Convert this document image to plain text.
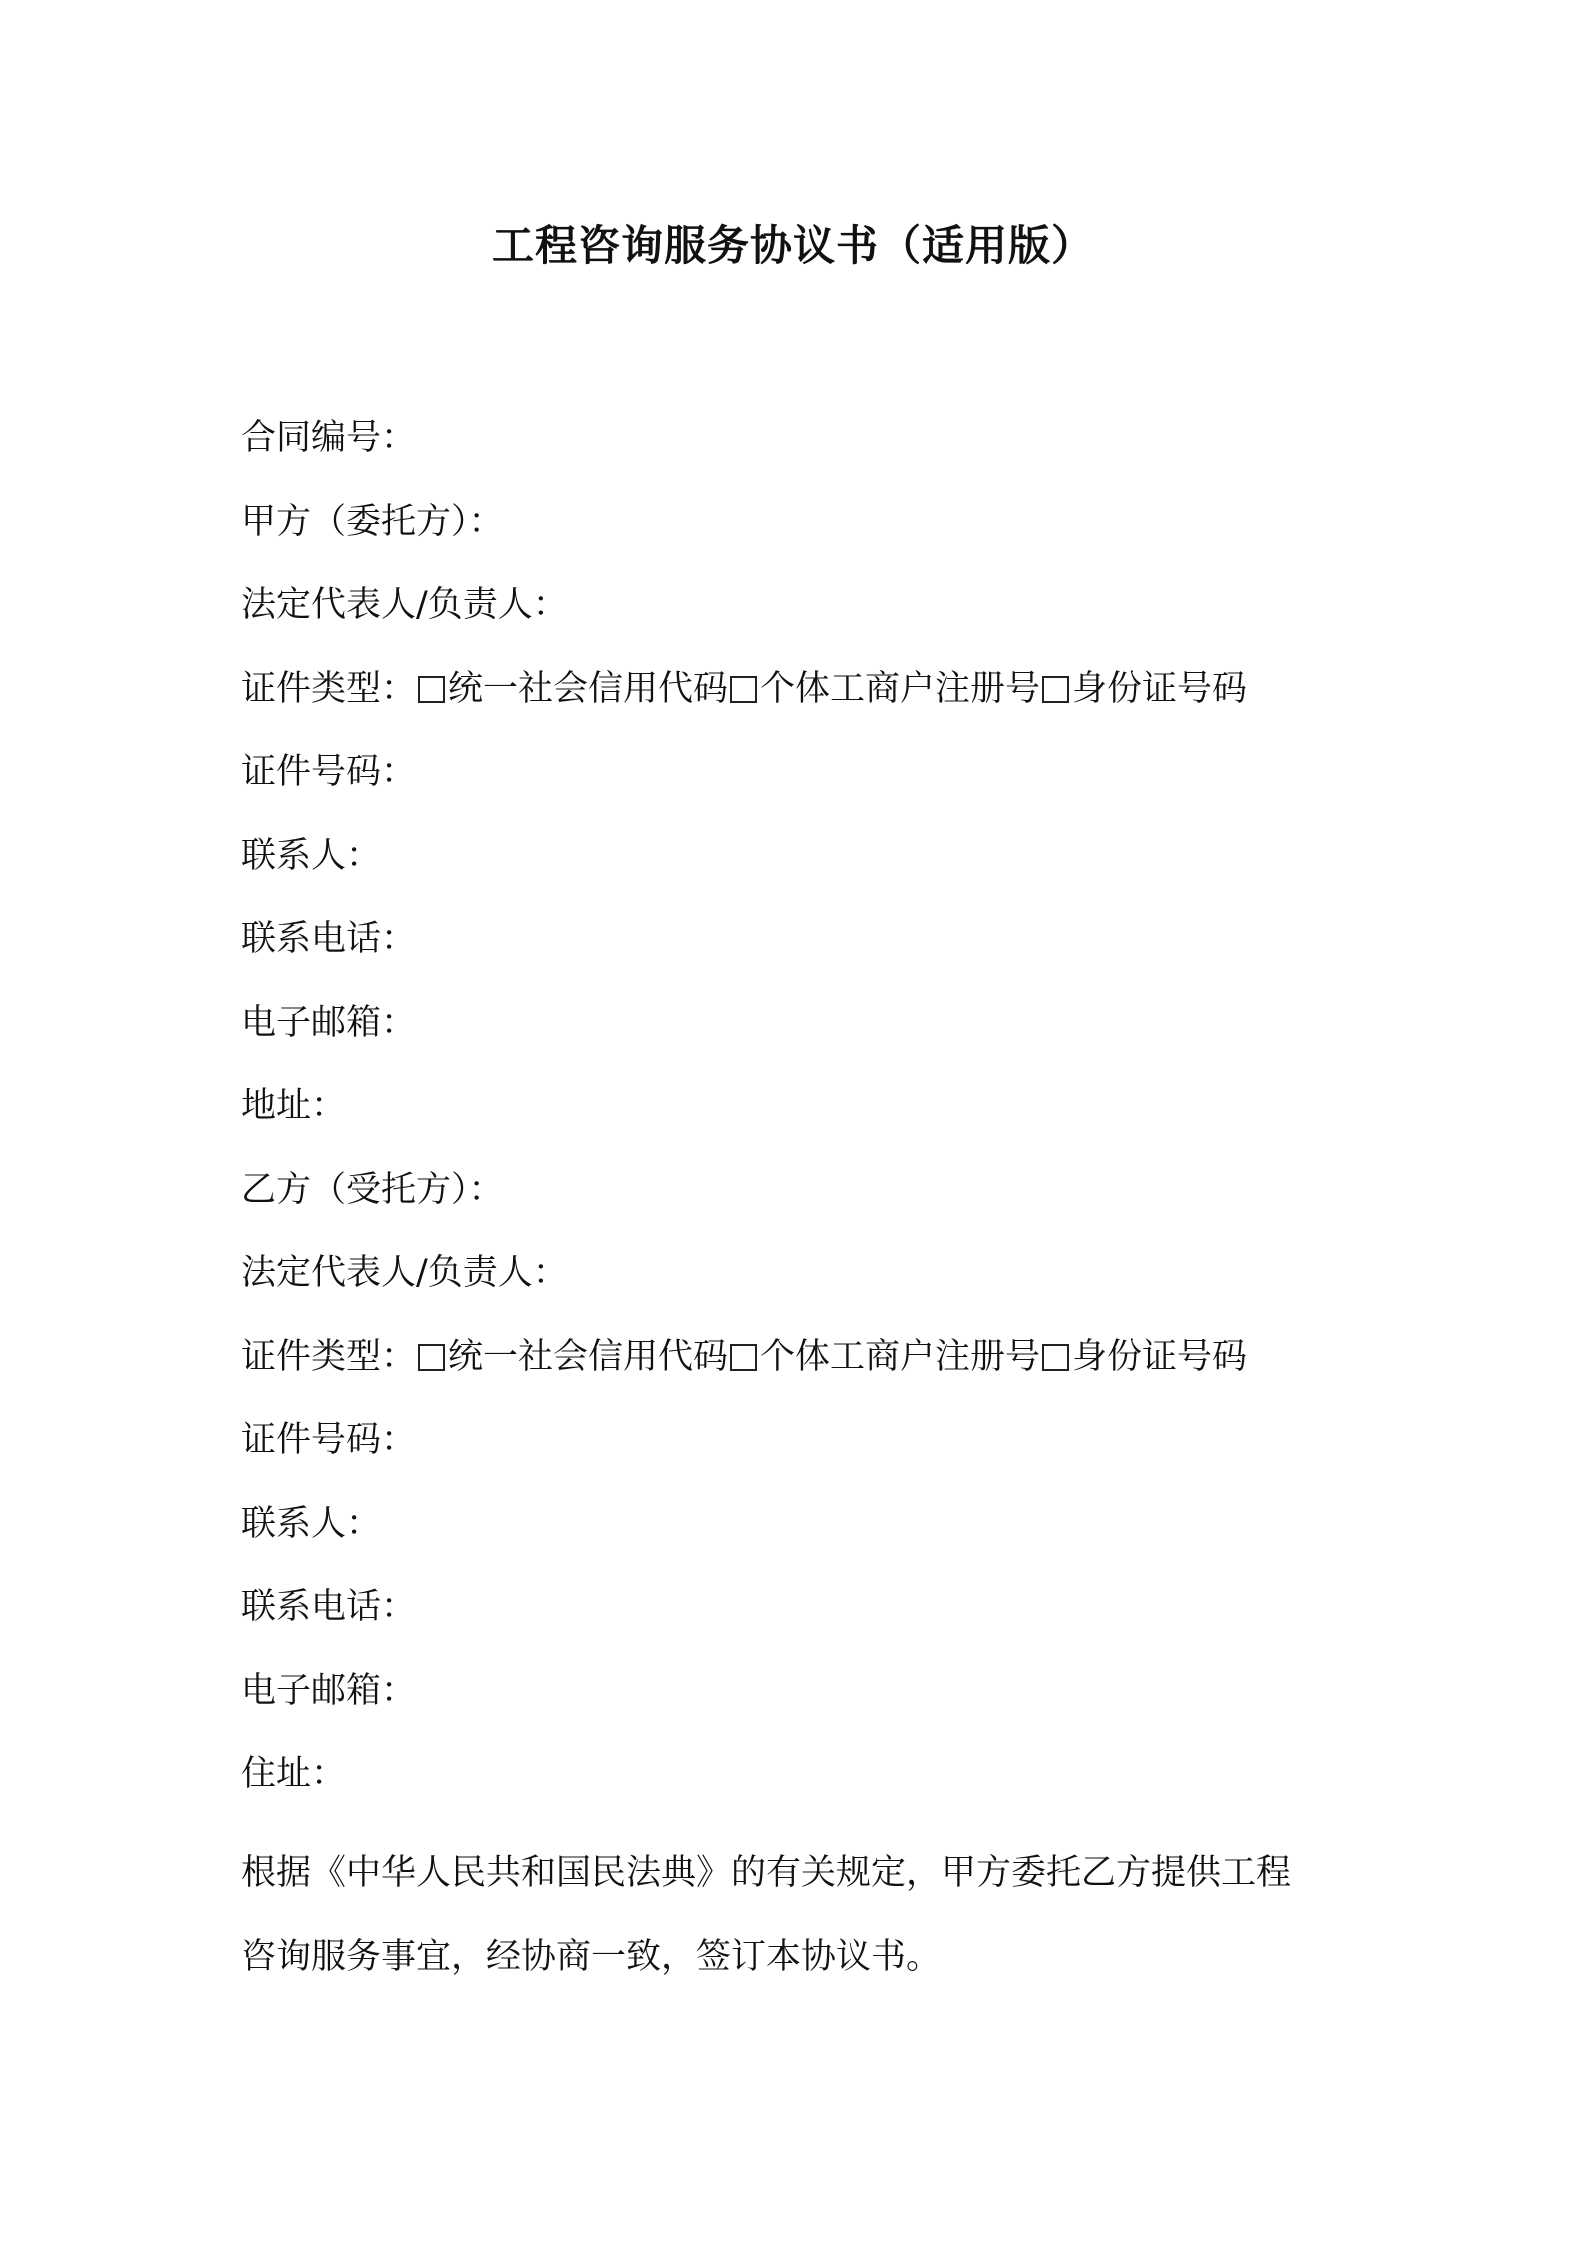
工程咨询服务协议书（适用版）
合同编号：
甲方（委托方）：
法定代表人/负责人：
证件类型： 统一社会信用代码 个体工商户注册号 身份证号码
证件号码：
联系人：
联系电话：
电子邮箱：
地址：
乙方（受托方）：
法定代表人/负责人：
证件类型： 统一社会信用代码 个体工商户注册号 身份证号码
证件号码：
联系人：
联系电话：
电子邮箱：
住址：
根据《中华人民共和国民法典》的有关规定，甲方委托乙方提供工程
咨询服务事宜，经协商一致，签订本协议书。
